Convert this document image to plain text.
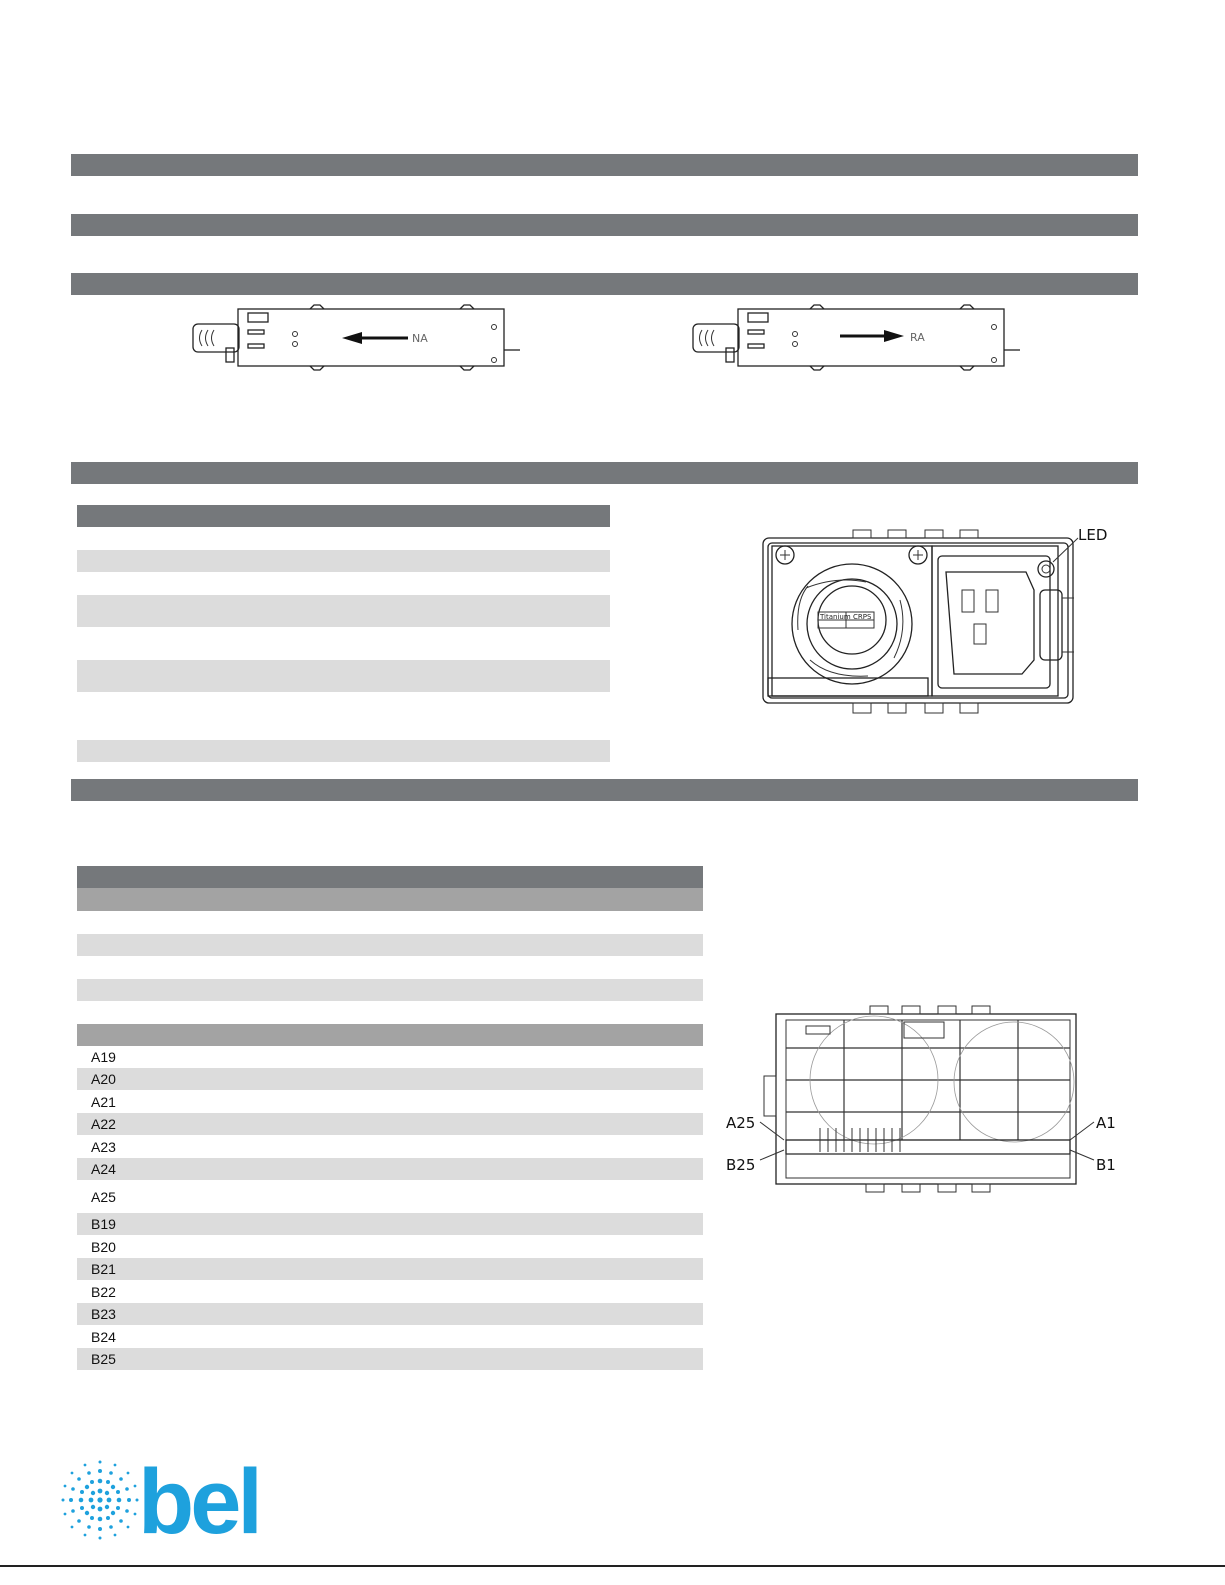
NA	RA
Titanium CRPS
LED
A19
A20
A21
A22
A23
A24
A25
B19
B20
B21
B22
B23
B24
B25
A25	A1
B25	B1
bel
